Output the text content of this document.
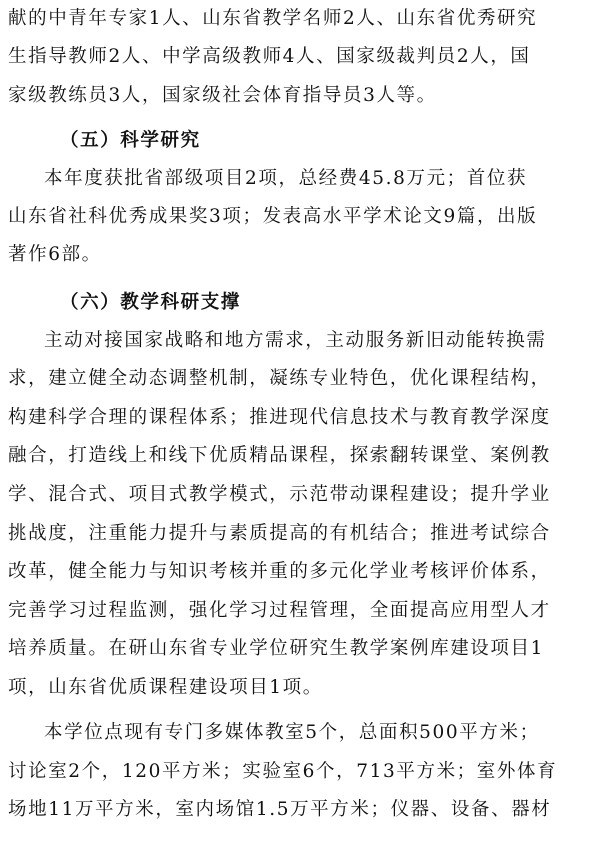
献的中青年专家1人、山东省教学名师2人、山东省优秀研究
生指导教师2人、中学高级教师4人、国家级裁判员2人，国
家级教练员3人，国家级社会体育指导员3人等。
（五）科学研究
本年度获批省部级项目2项，总经费45.8万元；首位获
山东省社科优秀成果奖3项；发表高水平学术论文9篇，出版
著作6部。
（六）教学科研支撑
主动对接国家战略和地方需求，主动服务新旧动能转换需
求，建立健全动态调整机制，凝练专业特色，优化课程结构，
构建科学合理的课程体系；推进现代信息技术与教育教学深度
融合，打造线上和线下优质精品课程，探索翻转课堂、案例教
学、混合式、项目式教学模式，示范带动课程建设；提升学业
挑战度，注重能力提升与素质提高的有机结合；推进考试综合
改革，健全能力与知识考核并重的多元化学业考核评价体系，
完善学习过程监测，强化学习过程管理，全面提高应用型人才
培养质量。在研山东省专业学位研究生教学案例库建设项目1
项，山东省优质课程建设项目1项。
本学位点现有专门多媒体教室5个，总面积500平方米；
讨论室2个，120平方米；实验室6个，713平方米；室外体育
场地11万平方米，室内场馆1.5万平方米；仪器、设备、器材
